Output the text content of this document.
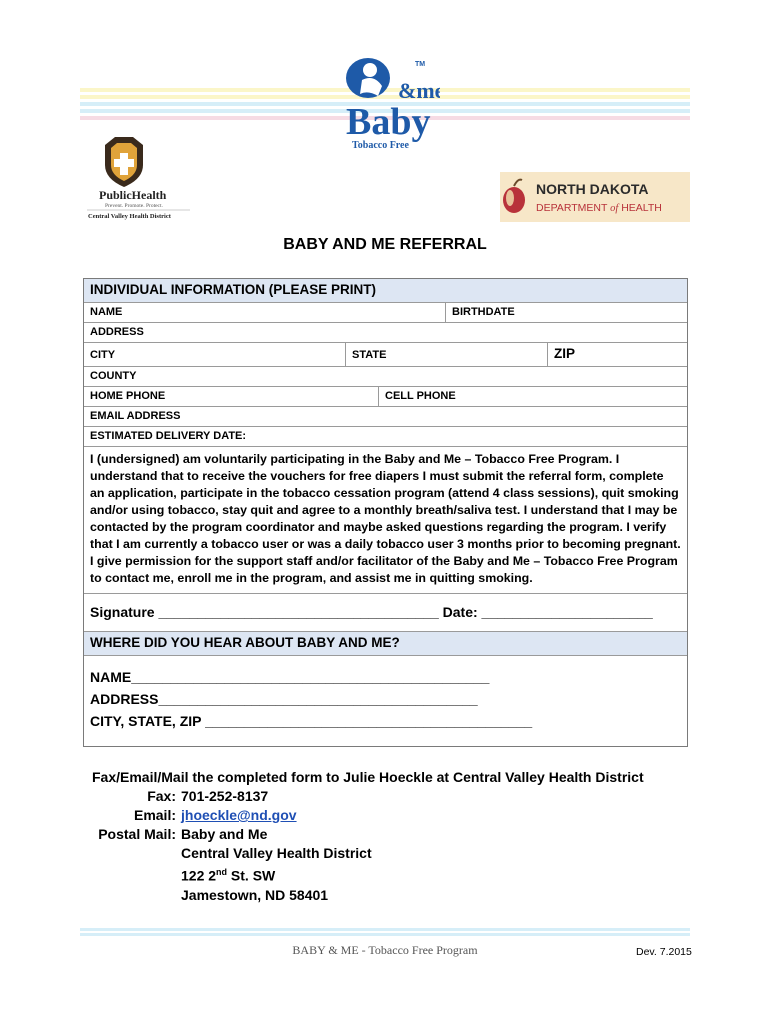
TM
&me
Baby
Tobacco Free
PublicHealth
Prevent. Promote. Protect.
Central Valley Health District
NORTH DAKOTA
DEPARTMENT of HEALTH
BABY AND ME REFERRAL
INDIVIDUAL INFORMATION (PLEASE PRINT)
NAME	BIRTHDATE
ADDRESS
CITY	STATE	ZIP
COUNTY
HOME PHONE	CELL PHONE
EMAIL ADDRESS
ESTIMATED DELIVERY DATE:
I (undersigned) am voluntarily participating in the Baby and Me – Tobacco Free Program. I understand that to receive the vouchers for free diapers I must submit the referral form, complete an application, participate in the tobacco cessation program (attend 4 class sessions), quit smoking and/or using tobacco, stay quit and agree to a monthly breath/saliva test. I understand that I may be contacted by the program coordinator and maybe asked questions regarding the program. I verify that I am currently a tobacco user or was a daily tobacco user 3 months prior to becoming pregnant. I give permission for the support staff and/or facilitator of the Baby and Me – Tobacco Free Program to contact me, enroll me in the program, and assist me in quitting smoking.
Signature ____________________________________ Date: ______________________
WHERE DID YOU HEAR ABOUT BABY AND ME?
NAME______________________________________________
ADDRESS_________________________________________
CITY, STATE, ZIP __________________________________________
Fax/Email/Mail the completed form to Julie Hoeckle at Central Valley Health District
Fax: 701-252-8137
Email: jhoeckle@nd.gov
Postal Mail: Baby and Me
Central Valley Health District
122 2nd St. SW
Jamestown, ND 58401
BABY & ME - Tobacco Free Program	Dev. 7.2015
